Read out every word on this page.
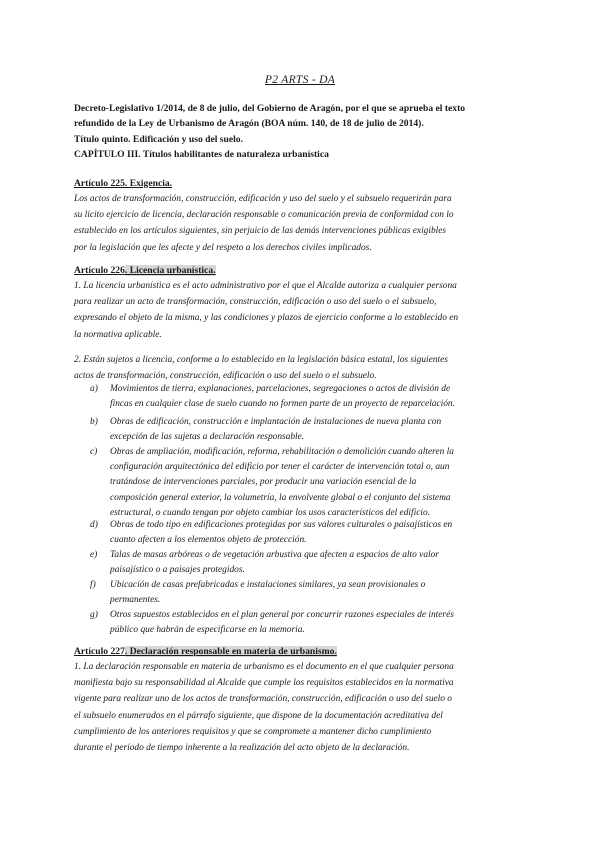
P2 ARTS - DA
Decreto-Legislativo 1/2014, de 8 de julio, del Gobierno de Aragón, por el que se aprueba el texto
refundido de la Ley de Urbanismo de Aragón (BOA núm. 140, de 18 de julio de 2014).
Título quinto. Edificación y uso del suelo.
CAPÍTULO III. Títulos habilitantes de naturaleza urbanística
Artículo 225. Exigencia.
Los actos de transformación, construcción, edificación y uso del suelo y el subsuelo requerirán para
su lícito ejercicio de licencia, declaración responsable o comunicación previa de conformidad con lo
establecido en los artículos siguientes, sin perjuicio de las demás intervenciones públicas exigibles
por la legislación que les afecte y del respeto a los derechos civiles implicados.
Artículo 226. Licencia urbanística.
1. La licencia urbanística es el acto administrativo por el que el Alcalde autoriza a cualquier persona
para realizar un acto de transformación, construcción, edificación o uso del suelo o el subsuelo,
expresando el objeto de la misma, y las condiciones y plazos de ejercicio conforme a lo establecido en
la normativa aplicable.
2. Están sujetos a licencia, conforme a lo establecido en la legislación básica estatal, los siguientes
actos de transformación, construcción, edificación o uso del suelo o el subsuelo.
a)	Movimientos de tierra, explanaciones, parcelaciones, segregaciones o actos de división de
fincas en cualquier clase de suelo cuando no formen parte de un proyecto de reparcelación.
b)	Obras de edificación, construcción e implantación de instalaciones de nueva planta con
excepción de las sujetas a declaración responsable.
c)	Obras de ampliación, modificación, reforma, rehabilitación o demolición cuando alteren la
configuración arquitectónica del edificio por tener el carácter de intervención total o, aun
tratándose de intervenciones parciales, por producir una variación esencial de la
composición general exterior, la volumetría, la envolvente global o el conjunto del sistema
estructural, o cuando tengan por objeto cambiar los usos característicos del edificio.
d)	Obras de todo tipo en edificaciones protegidas por sus valores culturales o paisajísticos en
cuanto afecten a los elementos objeto de protección.
e)	Talas de masas arbóreas o de vegetación arbustiva que afecten a espacios de alto valor
paisajístico o a paisajes protegidos.
f)	Ubicación de casas prefabricadas e instalaciones similares, ya sean provisionales o
permanentes.
g)	Otros supuestos establecidos en el plan general por concurrir razones especiales de interés
público que habrán de especificarse en la memoria.
Artículo 227. Declaración responsable en materia de urbanismo.
1. La declaración responsable en materia de urbanismo es el documento en el que cualquier persona
manifiesta bajo su responsabilidad al Alcalde que cumple los requisitos establecidos en la normativa
vigente para realizar uno de los actos de transformación, construcción, edificación o uso del suelo o
el subsuelo enumerados en el párrafo siguiente, que dispone de la documentación acreditativa del
cumplimiento de los anteriores requisitos y que se compromete a mantener dicho cumplimiento
durante el período de tiempo inherente a la realización del acto objeto de la declaración.
